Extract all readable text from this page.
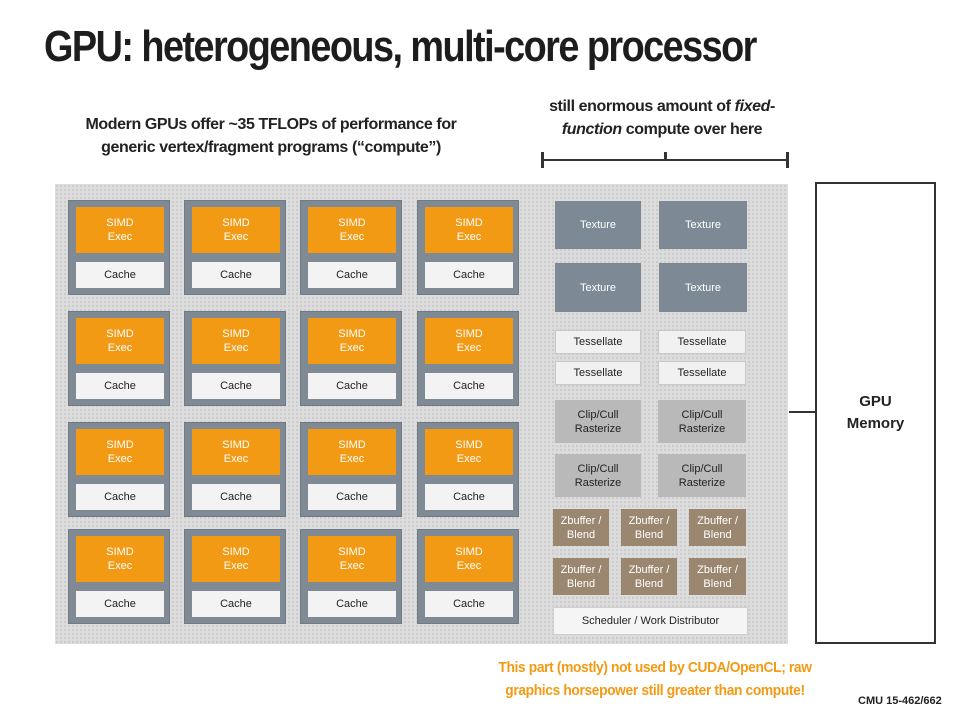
GPU: heterogeneous, multi-core processor
Modern GPUs offer ~35 TFLOPs of performance for
generic vertex/fragment programs (“compute”)
still enormous amount of fixed-
function compute over here
SIMD
Exec
Cache
SIMD
Exec
Cache
SIMD
Exec
Cache
SIMD
Exec
Cache
SIMD
Exec
Cache
SIMD
Exec
Cache
SIMD
Exec
Cache
SIMD
Exec
Cache
SIMD
Exec
Cache
SIMD
Exec
Cache
SIMD
Exec
Cache
SIMD
Exec
Cache
SIMD
Exec
Cache
SIMD
Exec
Cache
SIMD
Exec
Cache
SIMD
Exec
Cache
Texture	Texture
Texture	Texture
Tessellate	Tessellate
Tessellate	Tessellate
Clip/Cull
Rasterize
Clip/Cull
Rasterize
Clip/Cull
Rasterize
Clip/Cull
Rasterize
Zbuffer /
Blend
Zbuffer /
Blend
Zbuffer /
Blend
Zbuffer /
Blend
Zbuffer /
Blend
Zbuffer /
Blend
Scheduler / Work Distributor
GPU
Memory
This part (mostly) not used by CUDA/OpenCL; raw
graphics horsepower still greater than compute!
CMU 15-462/662
